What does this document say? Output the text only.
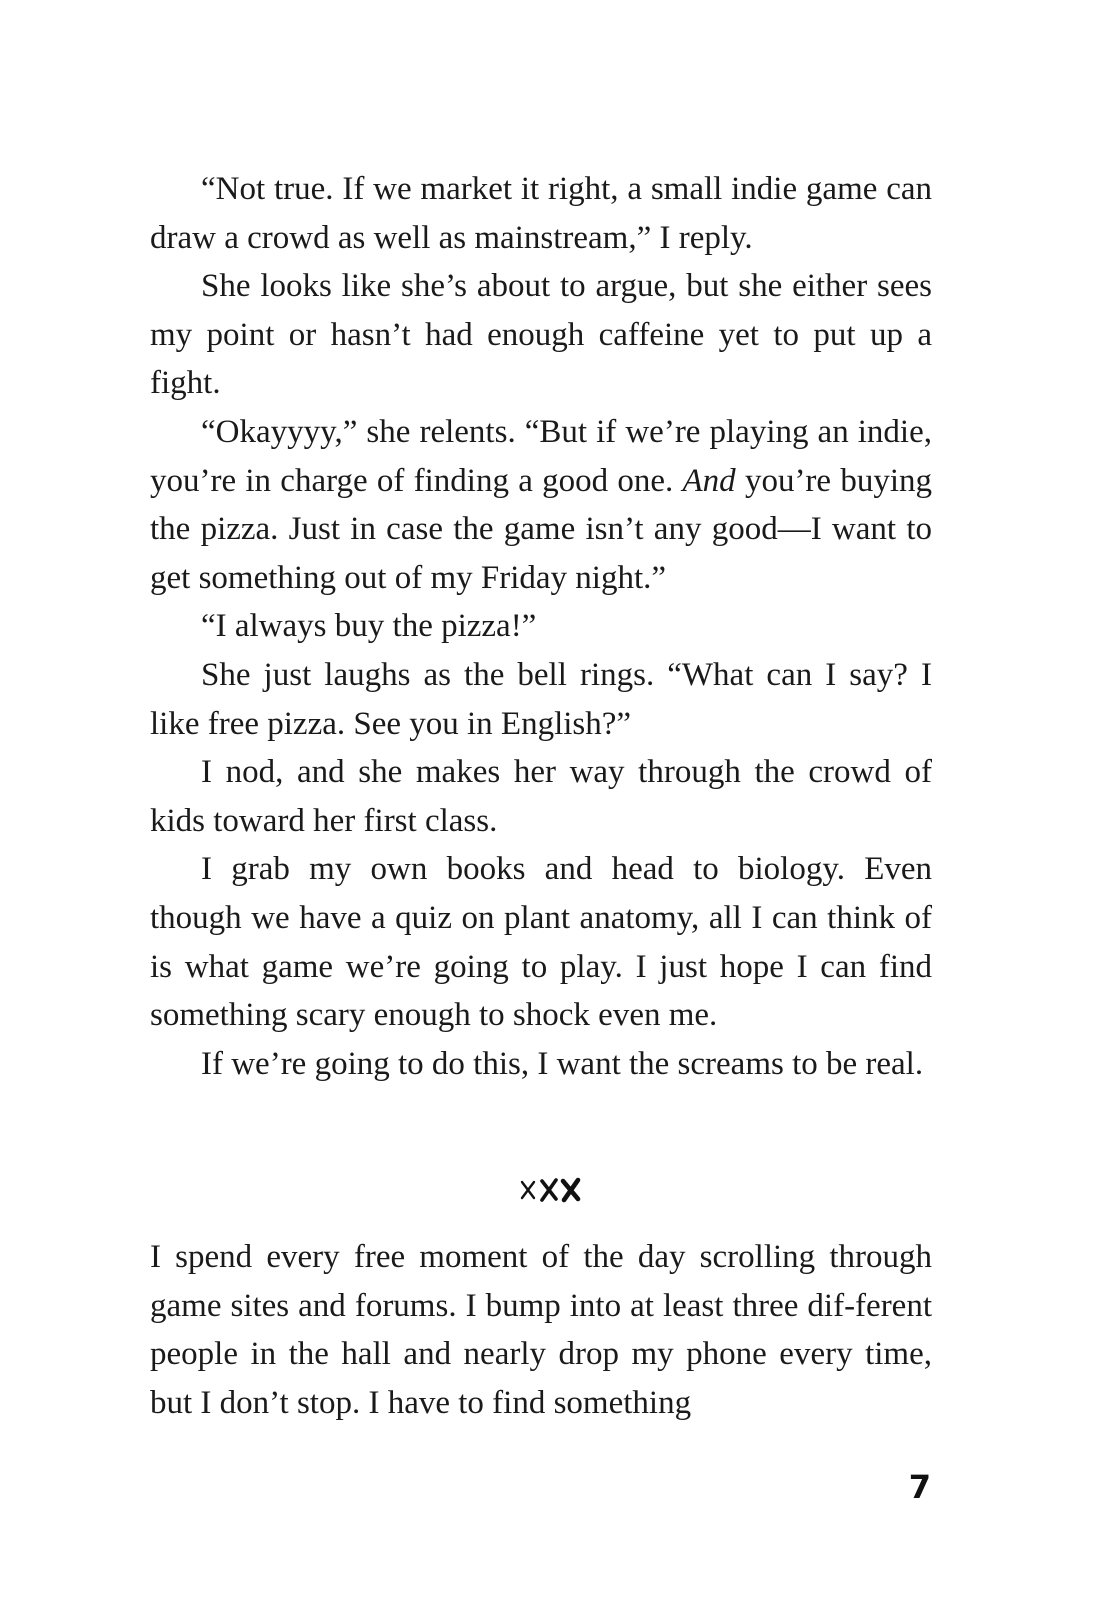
“Not true. If we market it right, a small indie game can draw a crowd as well as mainstream,” I reply.

She looks like she’s about to argue, but she either sees my point or hasn’t had enough caffeine yet to put up a fight.

“Okayyyy,” she relents. “But if we’re playing an indie, you’re in charge of finding a good one. And you’re buying the pizza. Just in case the game isn’t any good—I want to get something out of my Friday night.”

“I always buy the pizza!”

She just laughs as the bell rings. “What can I say? I like free pizza. See you in English?”

I nod, and she makes her way through the crowd of kids toward her first class.

I grab my own books and head to biology. Even though we have a quiz on plant anatomy, all I can think of is what game we’re going to play. I just hope I can find something scary enough to shock even me.

If we’re going to do this, I want the screams to be real.

I spend every free moment of the day scrolling through game sites and forums. I bump into at least three dif-ferent people in the hall and nearly drop my phone every time, but I don’t stop. I have to find something

7
